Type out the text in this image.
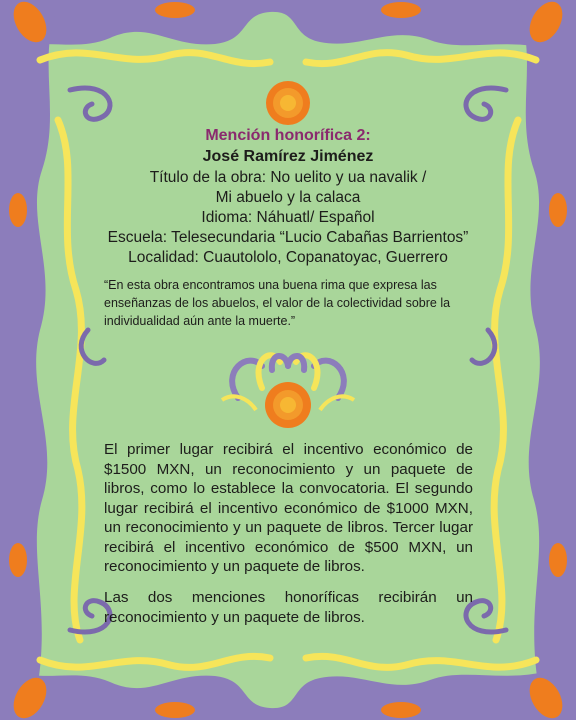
Mención honorífica 2:
José Ramírez Jiménez
Título de la obra: No uelito y ua navalik /
Mi abuelo y la calaca
Idioma: Náhuatl/ Español
Escuela: Telesecundaria “Lucio Cabañas Barrientos”
Localidad: Cuautololo, Copanatoyac, Guerrero
“En esta obra encontramos una buena rima que expresa las enseñanzas de los abuelos, el valor de la colectividad sobre la individualidad aún ante la muerte.”
El primer lugar recibirá el incentivo económico de $1500 MXN, un reconocimiento y un paquete de libros, como lo establece la convocatoria. El segundo lugar recibirá el incentivo económico de $1000 MXN, un reconocimiento y un paquete de libros. Tercer lugar recibirá el incentivo económico de $500 MXN, un reconocimiento y un paquete de libros.
Las dos menciones honoríficas recibirán un reconocimiento y un paquete de libros.
